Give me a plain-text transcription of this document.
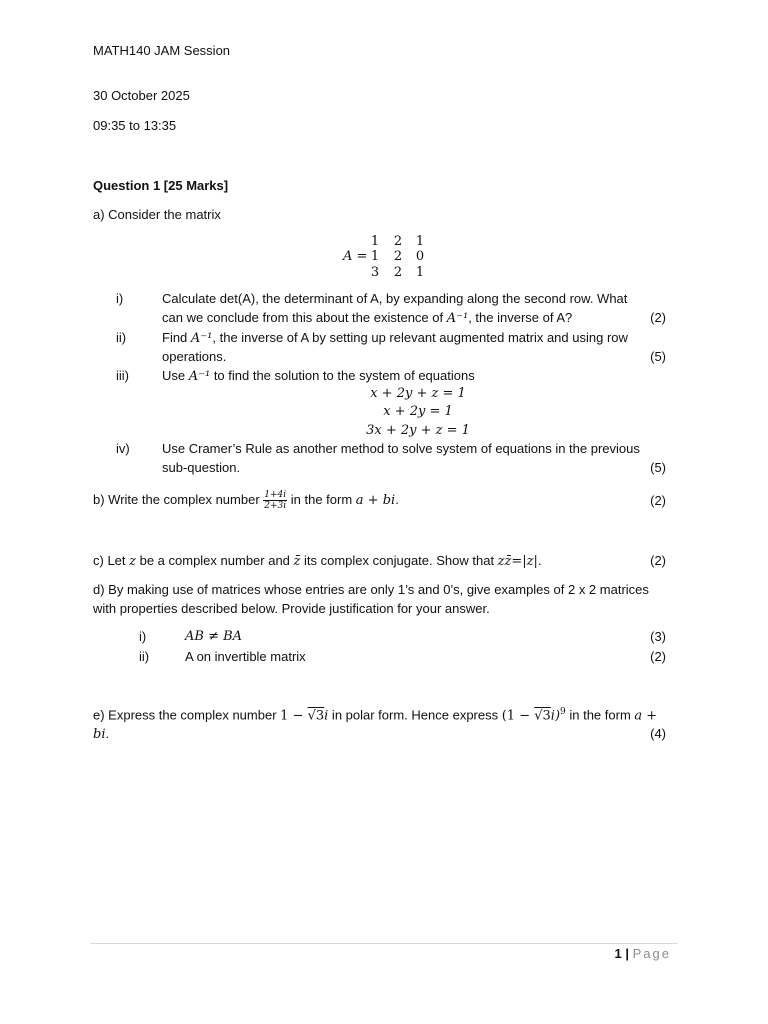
MATH140 JAM Session
30 October 2025
09:35 to 13:35
Question 1 [25 Marks]
a) Consider the matrix
A =
1 2 1
1 2 0
3 2 1
i)	Calculate det(A), the determinant of A, by expanding along the second row. What
can we conclude from this about the existence of A⁻¹, the inverse of A?	(2)
ii)	Find A⁻¹, the inverse of A by setting up relevant augmented matrix and using row
operations.	(5)
iii)	Use A⁻¹ to find the solution to the system of equations
x + 2y + z = 1
x + 2y = 1
3x + 2y + z = 1
iv) Use Cramer’s Rule as another method to solve system of equations in the previous
sub-question.	(5)
b) Write the complex number $\frac{1+4i}{2+3i}$ in the form a + bi.	(2)
c) Let z be a complex number and z̄ its complex conjugate. Show that zz̄=|z|.	(2)
d) By making use of matrices whose entries are only 1’s and 0’s, give examples of 2 x 2 matrices
with properties described below. Provide justification for your answer.
i)	AB ≠ BA	(3)
ii)	A on invertible matrix	(2)
e) Express the complex number 1 − √3i in polar form. Hence express $(1 - √3i)^9$ in the form a +
bi.	(4)
1 | Page
